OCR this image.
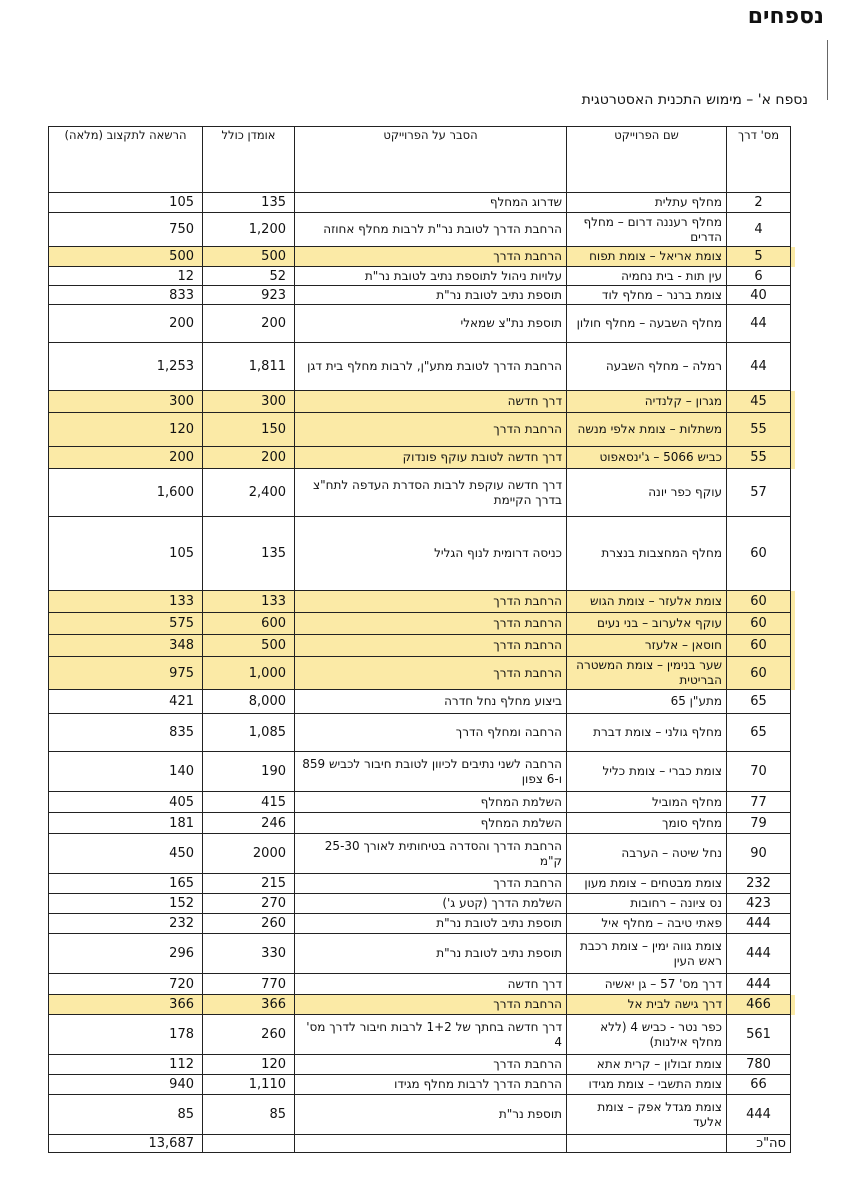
נספחים
נספח א' – מימוש התכנית האסטרטגית
מס' דרך	שם הפרוייקט	הסבר על הפרוייקט	אומדן כולל	הרשאה לתקצוב (מלאה)
2	מחלף עתלית	שדרוג המחלף	135	105
4	מחלף רעננה דרום – מחלף הדרים	הרחבת הדרך לטובת נר"ת לרבות מחלף אחוזה	1,200	750
5	צומת אריאל – צומת תפוח	הרחבת הדרך	500	500
6	עין תות - בית נחמיה	עלויות ניהול לתוספת נתיב לטובת נר"ת	52	12
40	צומת ברנר – מחלף לוד	תוספת נתיב לטובת נר"ת	923	833
44	מחלף השבעה – מחלף חולון	תוספת נת"צ שמאלי	200	200
44	רמלה – מחלף השבעה	הרחבת הדרך לטובת מתע"ן, לרבות מחלף בית דגן	1,811	1,253
45	מגרון – קלנדיה	דרך חדשה	300	300
55	משתלות – צומת אלפי מנשה	הרחבת הדרך	150	120
55	כביש 5066 – ג'ינסאפוט	דרך חדשה לטובת עוקף פונדוק	200	200
57	עוקף כפר יונה	דרך חדשה עוקפת לרבות הסדרת העדפה לתח"צ בדרך הקיימת	2,400	1,600
60	מחלף המחצבות בנצרת	כניסה דרומית לנוף הגליל	135	105
60	צומת אלעזר – צומת הגוש	הרחבת הדרך	133	133
60	עוקף אלערוב – בני נעים	הרחבת הדרך	600	575
60	חוסאן – אלעזר	הרחבת הדרך	500	348
60	שער בנימין – צומת המשטרה הבריטית	הרחבת הדרך	1,000	975
65	מתע"ן 65	ביצוע מחלף נחל חדרה	8,000	421
65	מחלף גולני – צומת דברת	הרחבה ומחלף הדרך	1,085	835
70	צומת כברי – צומת כליל	הרחבה לשני נתיבים לכיוון לטובת חיבור לכביש 859 ו-6 צפון	190	140
77	מחלף המוביל	השלמת המחלף	415	405
79	מחלף סומך	השלמת המחלף	246	181
90	נחל שיטה – הערבה	הרחבת הדרך והסדרה בטיחותית לאורך 25-30 ק"מ	2000	450
232	צומת מבטחים – צומת מעון	הרחבת הדרך	215	165
423	נס ציונה – רחובות	השלמת הדרך (קטע ג')	270	152
444	פאתי טיבה – מחלף איל	תוספת נתיב לטובת נר"ת	260	232
444	צומת גווה ימין – צומת רכבת ראש העין	תוספת נתיב לטובת נר"ת	330	296
444	דרך מס' 57 – גן יאשיה	דרך חדשה	770	720
466	דרך גישה לבית אל	הרחבת הדרך	366	366
561	כפר נטר - כביש 4 (ללא מחלף אילנות)	דרך חדשה בחתך של 1+2 לרבות חיבור לדרך מס' 4	260	178
780	צומת זבולון – קרית אתא	הרחבת הדרך	120	112
66	צומת התשבי – צומת מגידו	הרחבת הדרך לרבות מחלף מגידו	1,110	940
444	צומת מגדל אפק – צומת אלעד	תוספת נר"ת	85	85
סה"כ				13,687
